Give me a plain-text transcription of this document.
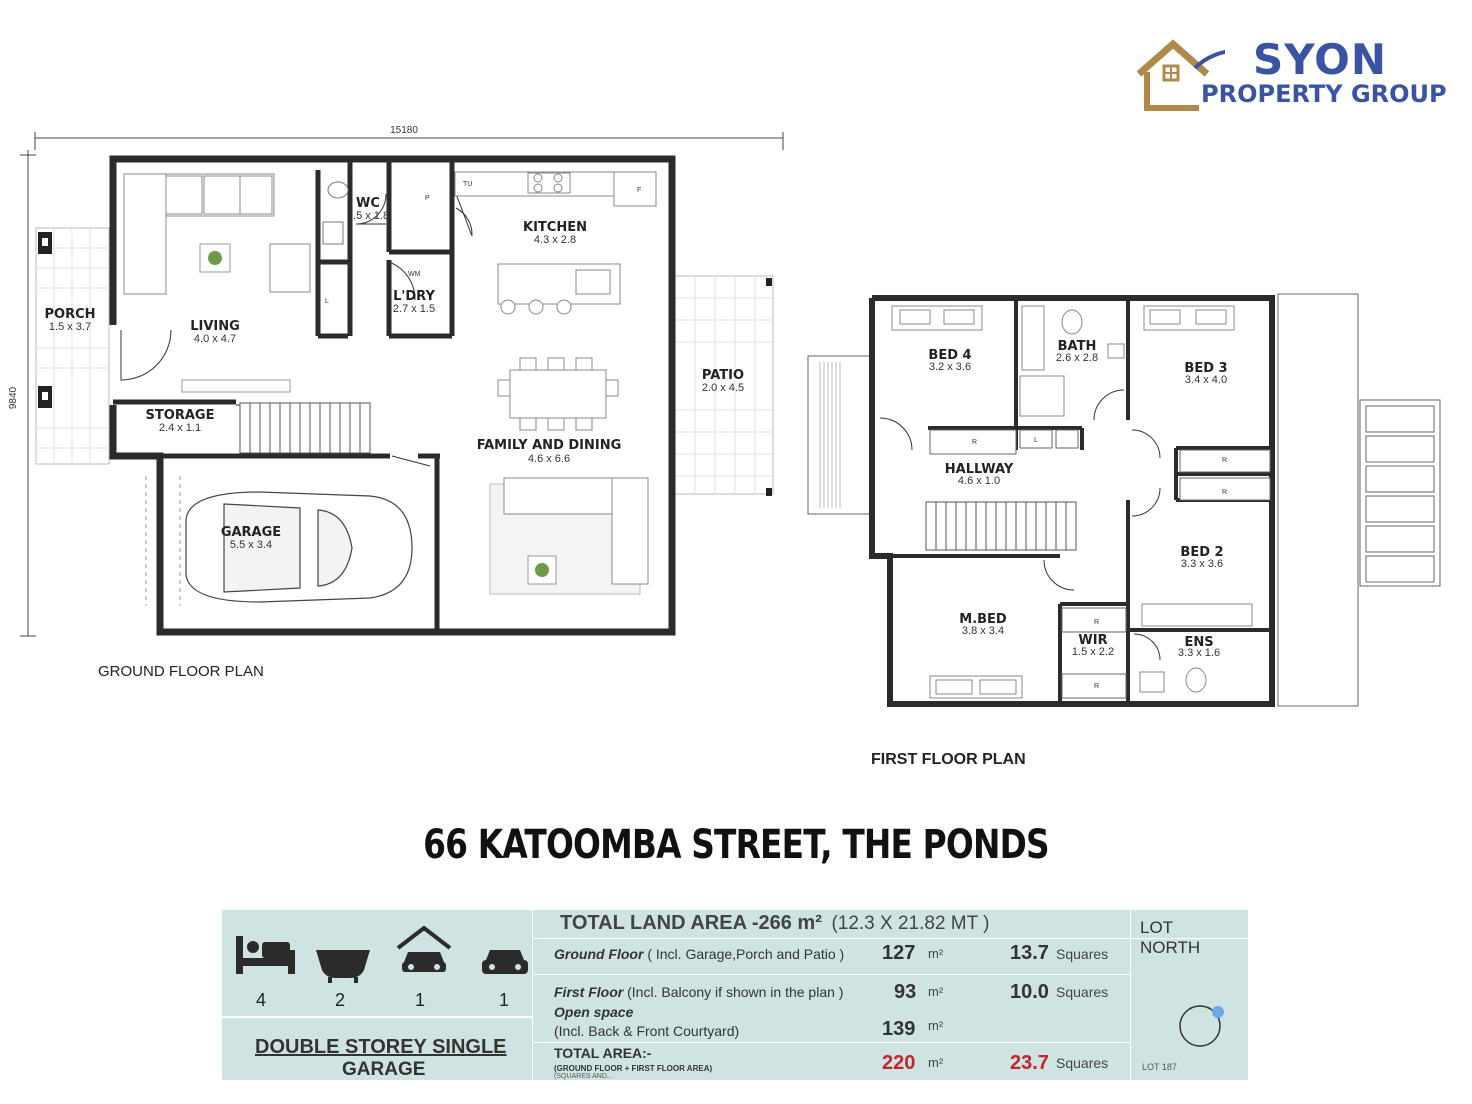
SYON
PROPERTY GROUP
15180
9840
TU
F
P
WM
L
WC
1.5 x 1.8
KITCHEN
4.3 x 2.8
L'DRY
2.7 x 1.5
PORCH
1.5 x 3.7	LIVING
4.0 x 4.7
PATIO
2.0 x 4.5
STORAGE
2.4 x 1.1
FAMILY AND DINING
4.6 x 6.6
GARAGE
5.5 x 3.4
GROUND FLOOR PLAN
R
R
R
R
R
L
BED 4
3.2 x 3.6
BATH
2.6 x 2.8
BED 3
3.4 x 4.0
HALLWAY
4.6 x 1.0
BED 2
3.3 x 3.6
M.BED
3.8 x 3.4
WIR
1.5 x 2.2
ENS
3.3 x 1.6
FIRST FLOOR PLAN
66 KATOOMBA STREET, THE PONDS
4	2	1	1
DOUBLE STOREY SINGLE
GARAGE
TOTAL LAND AREA -266 m² (12.3 X 21.82 MT )
Ground Floor ( Incl. Garage,Porch and Patio ) 127 m²	13.7 Squares
First Floor (Incl. Balcony if shown in the plan )	93 m²	10.0 Squares
Open space
(Incl. Back & Front Courtyard)	139 m²
TOTAL AREA:-
(GROUND FLOOR + FIRST FLOOR AREA)
(SQUARES AND...
220 m²	23.7 Squares
LOT
NORTH
LOT 187
